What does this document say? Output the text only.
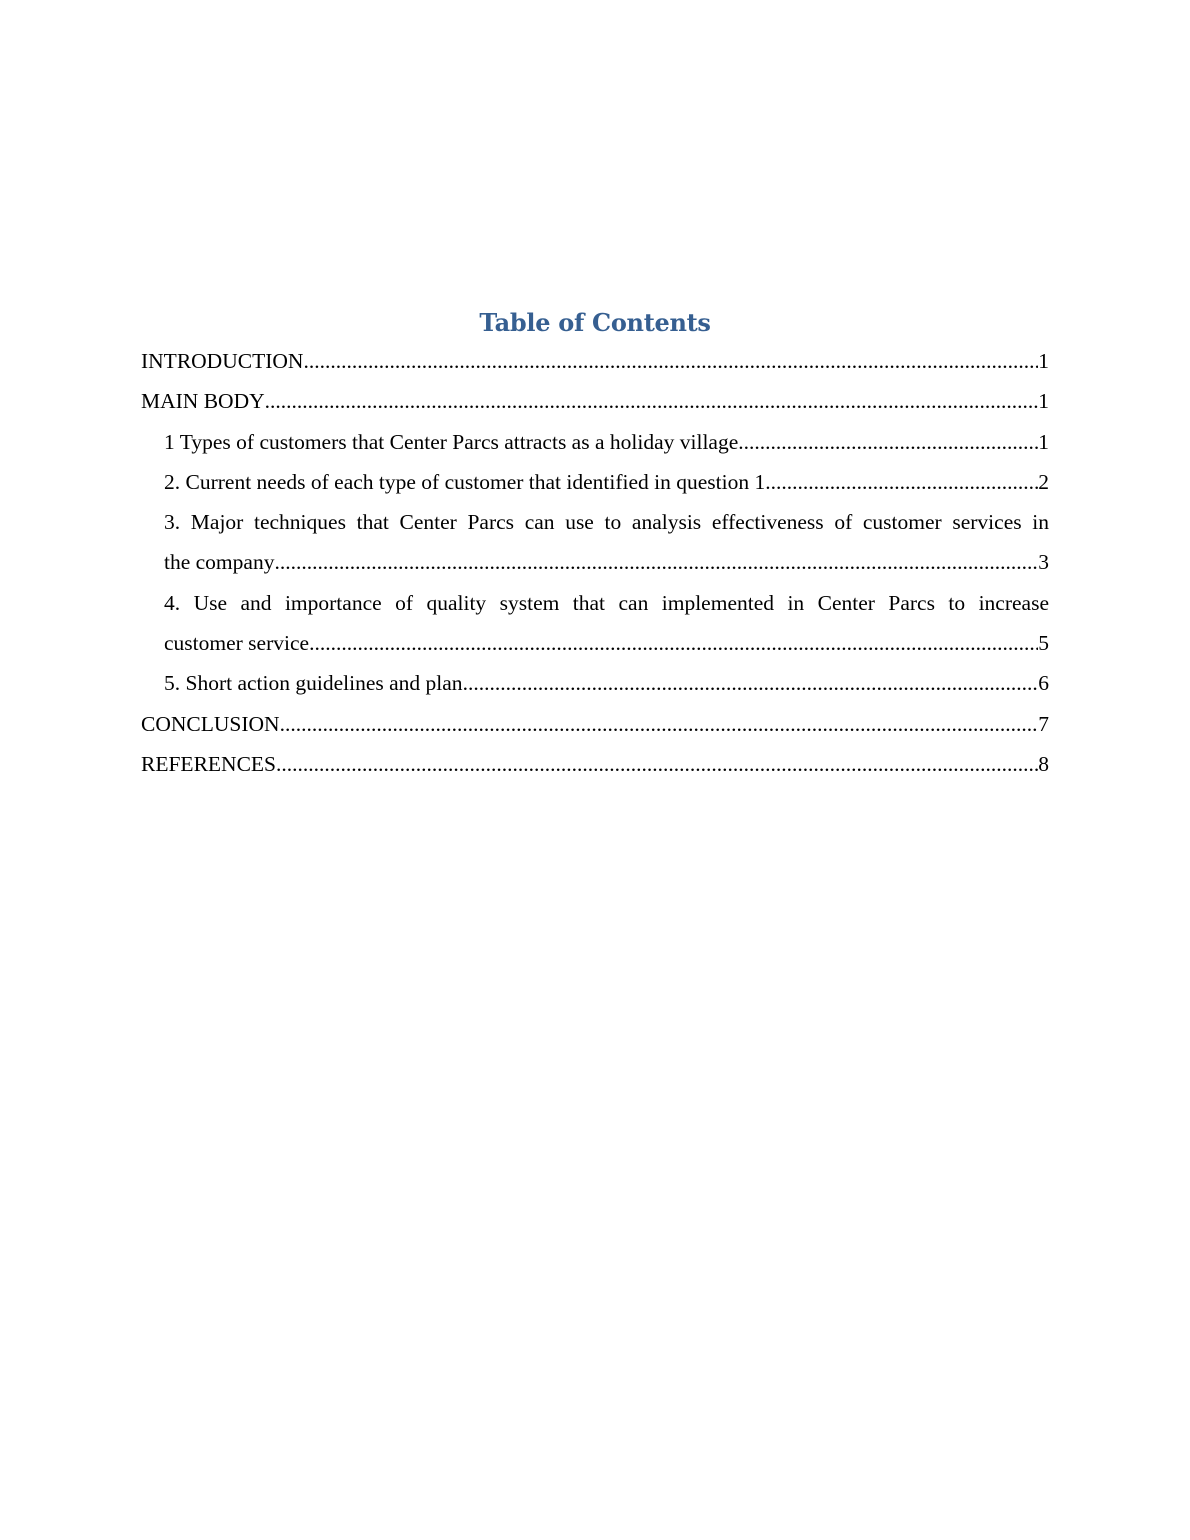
Table of Contents
INTRODUCTION .....	1
MAIN BODY .....	1
1 Types of customers that Center Parcs attracts as a holiday village .....	1
2. Current needs of each type of customer that identified in question 1 .....	2
3. Major techniques that Center Parcs can use to analysis effectiveness of customer services in
the company .....	3
4. Use and importance of quality system that can implemented in Center Parcs to increase
customer service .....	5
5. Short action guidelines and plan .....	6
CONCLUSION .....	7
REFERENCES .....	8
